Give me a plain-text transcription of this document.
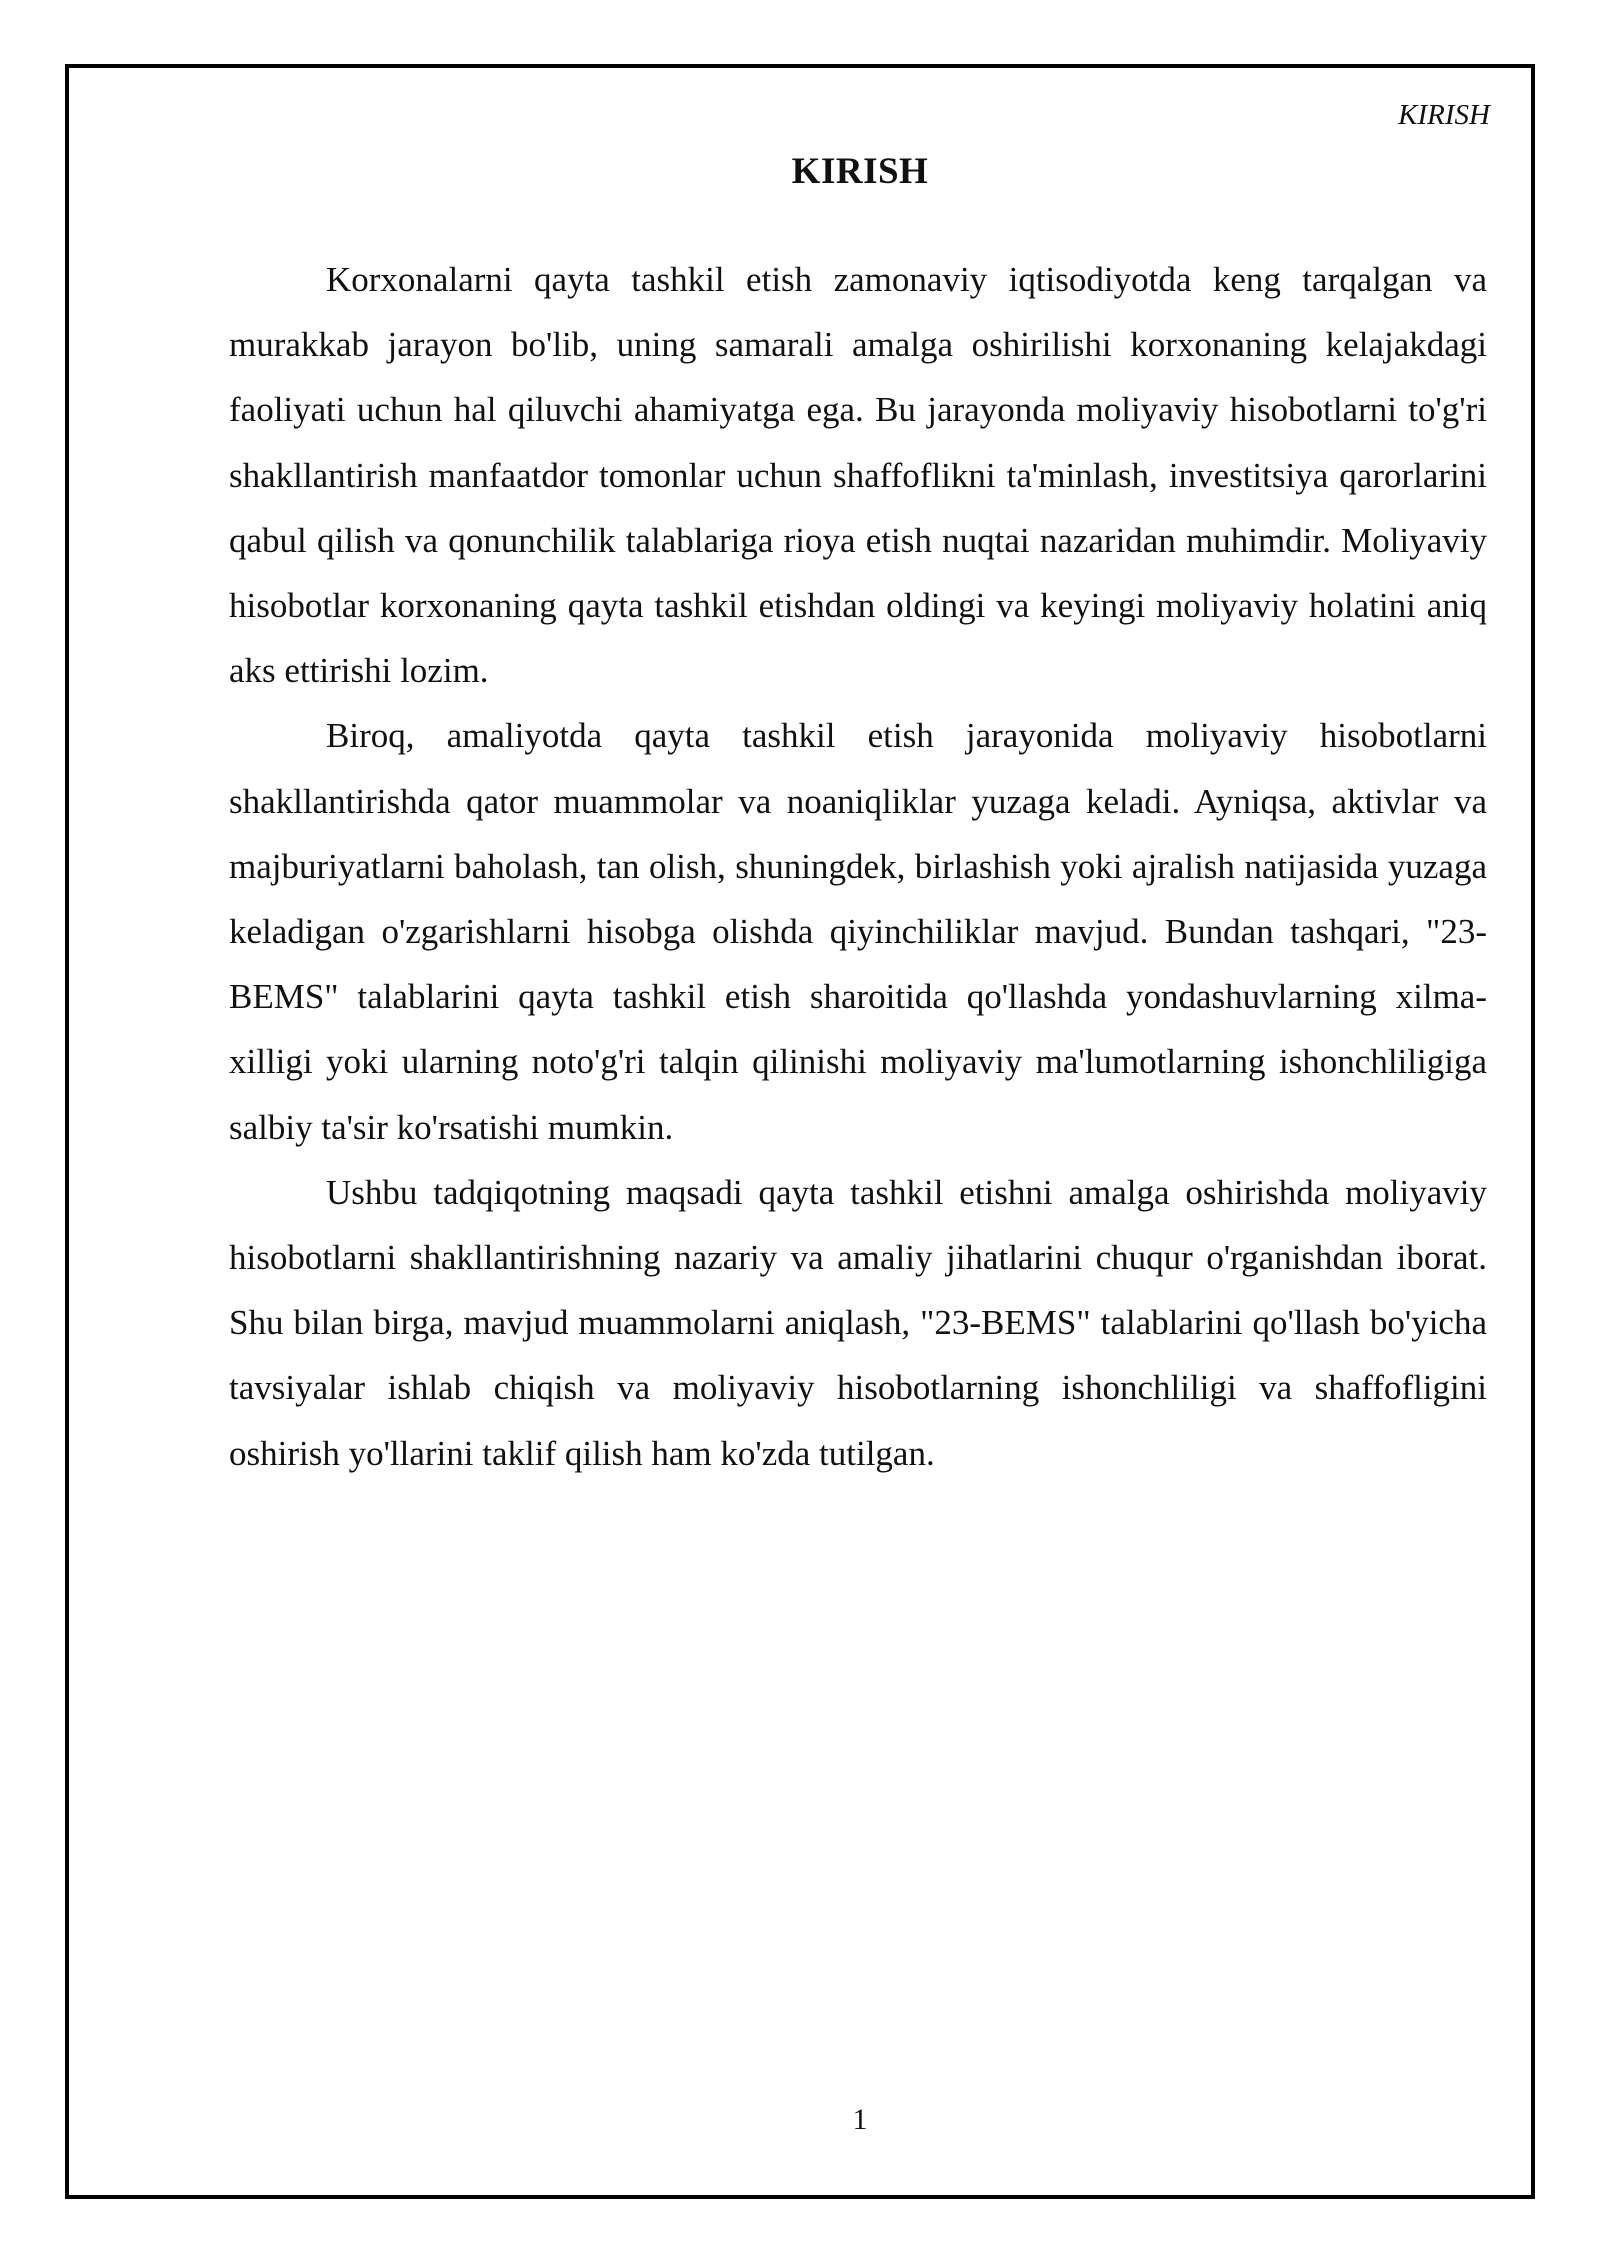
KIRISH
KIRISH

Korxonalarni qayta tashkil etish zamonaviy iqtisodiyotda keng tarqalgan va murakkab jarayon bo'lib, uning samarali amalga oshirilishi korxonaning kelajakdagi faoliyati uchun hal qiluvchi ahamiyatga ega. Bu jarayonda moliyaviy hisobotlarni to'g'ri shakllantirish manfaatdor tomonlar uchun shaffoflikni ta'minlash, investitsiya qarorlarini qabul qilish va qonunchilik talablariga rioya etish nuqtai nazaridan muhimdir. Moliyaviy hisobotlar korxonaning qayta tashkil etishdan oldingi va keyingi moliyaviy holatini aniq aks ettirishi lozim.

Biroq, amaliyotda qayta tashkil etish jarayonida moliyaviy hisobotlarni shakllantirishda qator muammolar va noaniqliklar yuzaga keladi. Ayniqsa, aktivlar va majburiyatlarni baholash, tan olish, shuningdek, birlashish yoki ajralish natijasida yuzaga keladigan o'zgarishlarni hisobga olishda qiyinchiliklar mavjud. Bundan tashqari, "23-BEMS" talablarini qayta tashkil etish sharoitida qo'llashda yondashuvlarning xilma-xilligi yoki ularning noto'g'ri talqin qilinishi moliyaviy ma'lumotlarning ishonchliligiga salbiy ta'sir ko'rsatishi mumkin.

Ushbu tadqiqotning maqsadi qayta tashkil etishni amalga oshirishda moliyaviy hisobotlarni shakllantirishning nazariy va amaliy jihatlarini chuqur o'rganishdan iborat. Shu bilan birga, mavjud muammolarni aniqlash, "23-BEMS" talablarini qo'llash bo'yicha tavsiyalar ishlab chiqish va moliyaviy hisobotlarning ishonchliligi va shaffofligini oshirish yo'llarini taklif qilish ham ko'zda tutilgan.

1
